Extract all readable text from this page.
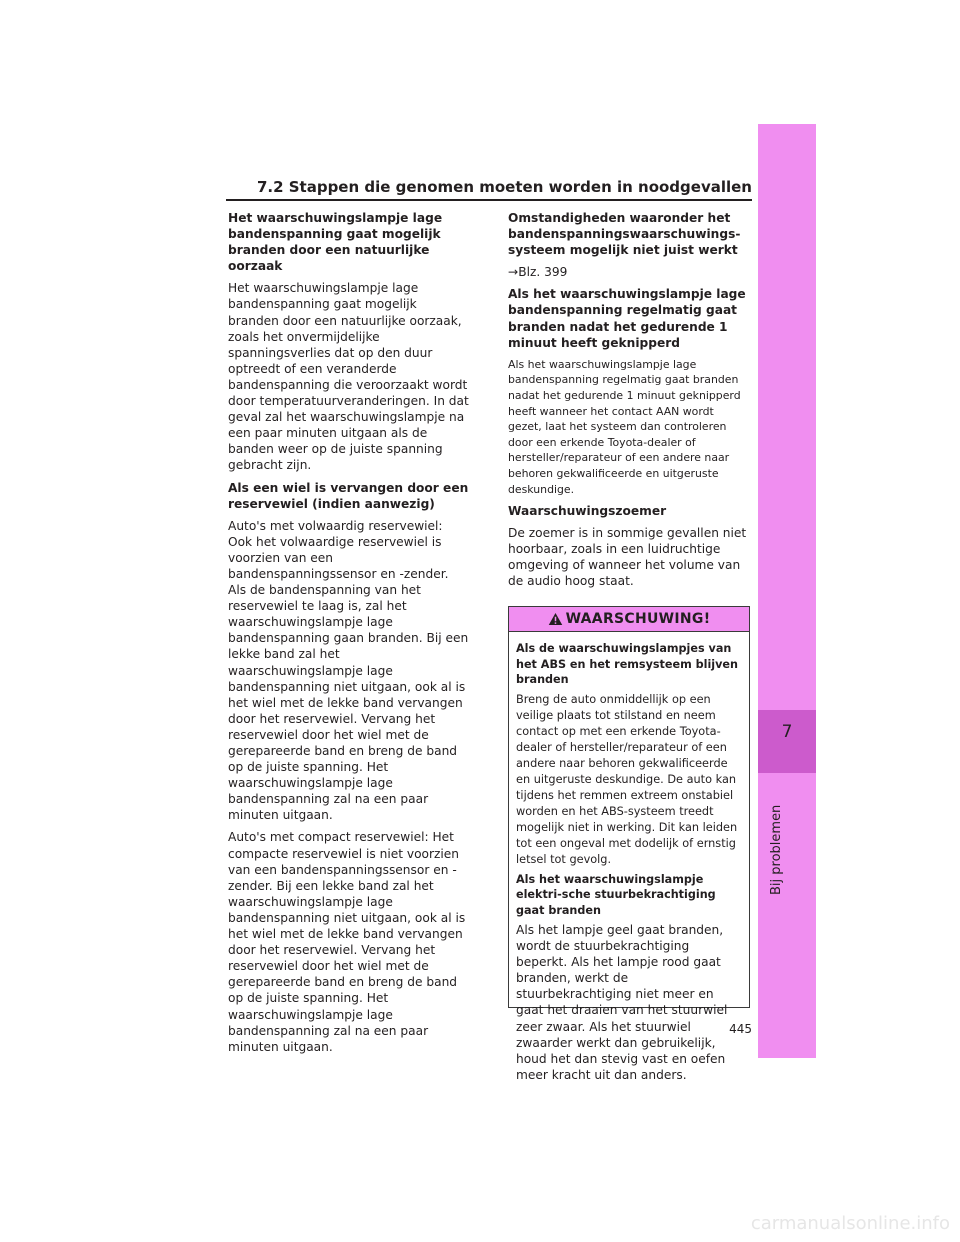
7.2 Stappen die genomen moeten worden in noodgevallen
Het waarschuwingslampje lage bandenspanning gaat mogelijk branden door een natuurlijke oorzaak
Het waarschuwingslampje lage bandenspanning gaat mogelijk branden door een natuurlijke oorzaak, zoals het onvermijdelijke spanningsverlies dat op den duur optreedt of een veranderde bandenspanning die veroorzaakt wordt door temperatuurveranderingen. In dat geval zal het waarschuwingslampje na een paar minuten uitgaan als de banden weer op de juiste spanning gebracht zijn.
Als een wiel is vervangen door een reservewiel (indien aanwezig)
Auto's met volwaardig reservewiel: Ook het volwaardige reservewiel is voorzien van een bandenspanningssensor en -zender. Als de bandenspanning van het reservewiel te laag is, zal het waarschuwingslampje lage bandenspanning gaan branden. Bij een lekke band zal het waarschuwingslampje lage bandenspanning niet uitgaan, ook al is het wiel met de lekke band vervangen door het reservewiel. Vervang het reservewiel door het wiel met de gerepareerde band en breng de band op de juiste spanning. Het waarschuwingslampje lage bandenspanning zal na een paar minuten uitgaan.
Auto's met compact reservewiel: Het compacte reservewiel is niet voorzien van een bandenspanningssensor en -zender. Bij een lekke band zal het waarschuwingslampje lage bandenspanning niet uitgaan, ook al is het wiel met de lekke band vervangen door het reservewiel. Vervang het reservewiel door het wiel met de gerepareerde band en breng de band op de juiste spanning. Het waarschuwingslampje lage bandenspanning zal na een paar minuten uitgaan.
Omstandigheden waaronder het bandenspanningswaarschuwings-systeem mogelijk niet juist werkt
→Blz. 399
Als het waarschuwingslampje lage bandenspanning regelmatig gaat branden nadat het gedurende 1 minuut heeft geknipperd
Als het waarschuwingslampje lage bandenspanning regelmatig gaat branden nadat het gedurende 1 minuut geknipperd heeft wanneer het contact AAN wordt gezet, laat het systeem dan controleren door een erkende Toyota-dealer of hersteller/reparateur of een andere naar behoren gekwalificeerde en uitgeruste deskundige.
Waarschuwingszoemer
De zoemer is in sommige gevallen niet hoorbaar, zoals in een luidruchtige omgeving of wanneer het volume van de audio hoog staat.
WAARSCHUWING!
Als de waarschuwingslampjes van het ABS en het remsysteem blijven branden
Breng de auto onmiddellijk op een veilige plaats tot stilstand en neem contact op met een erkende Toyota-dealer of hersteller/reparateur of een andere naar behoren gekwalificeerde en uitgeruste deskundige. De auto kan tijdens het remmen extreem onstabiel worden en het ABS-systeem treedt mogelijk niet in werking. Dit kan leiden tot een ongeval met dodelijk of ernstig letsel tot gevolg.
Als het waarschuwingslampje elektri-sche stuurbekrachtiging gaat branden
Als het lampje geel gaat branden, wordt de stuurbekrachtiging beperkt. Als het lampje rood gaat branden, werkt de stuurbekrachtiging niet meer en gaat het draaien van het stuurwiel zeer zwaar. Als het stuurwiel zwaarder werkt dan gebruikelijk, houd het dan stevig vast en oefen meer kracht uit dan anders.
7
Bij problemen
445
carmanualsonline.info
